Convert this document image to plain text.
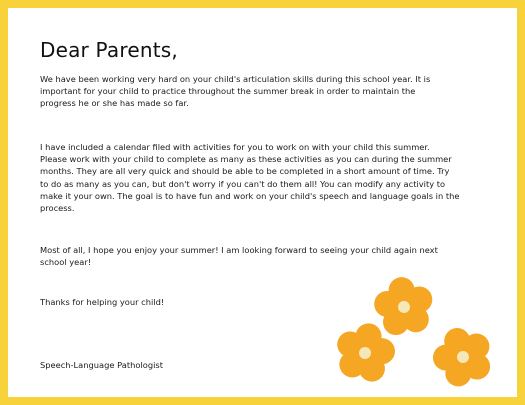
Dear Parents,
We have been working very hard on your child's articulation skills during this school year. It is
important for your child to practice throughout the summer break in order to maintain the
progress he or she has made so far.
I have included a calendar filed with activities for you to work on with your child this summer.
Please work with your child to complete as many as these activities as you can during the summer
months. They are all very quick and should be able to be completed in a short amount of time. Try
to do as many as you can, but don't worry if you can't do them all! You can modify any activity to
make it your own. The goal is to have fun and work on your child's speech and language goals in the
process.
Most of all, I hope you enjoy your summer! I am looking forward to seeing your child again next
school year!
Thanks for helping your child!
Speech-Language Pathologist
